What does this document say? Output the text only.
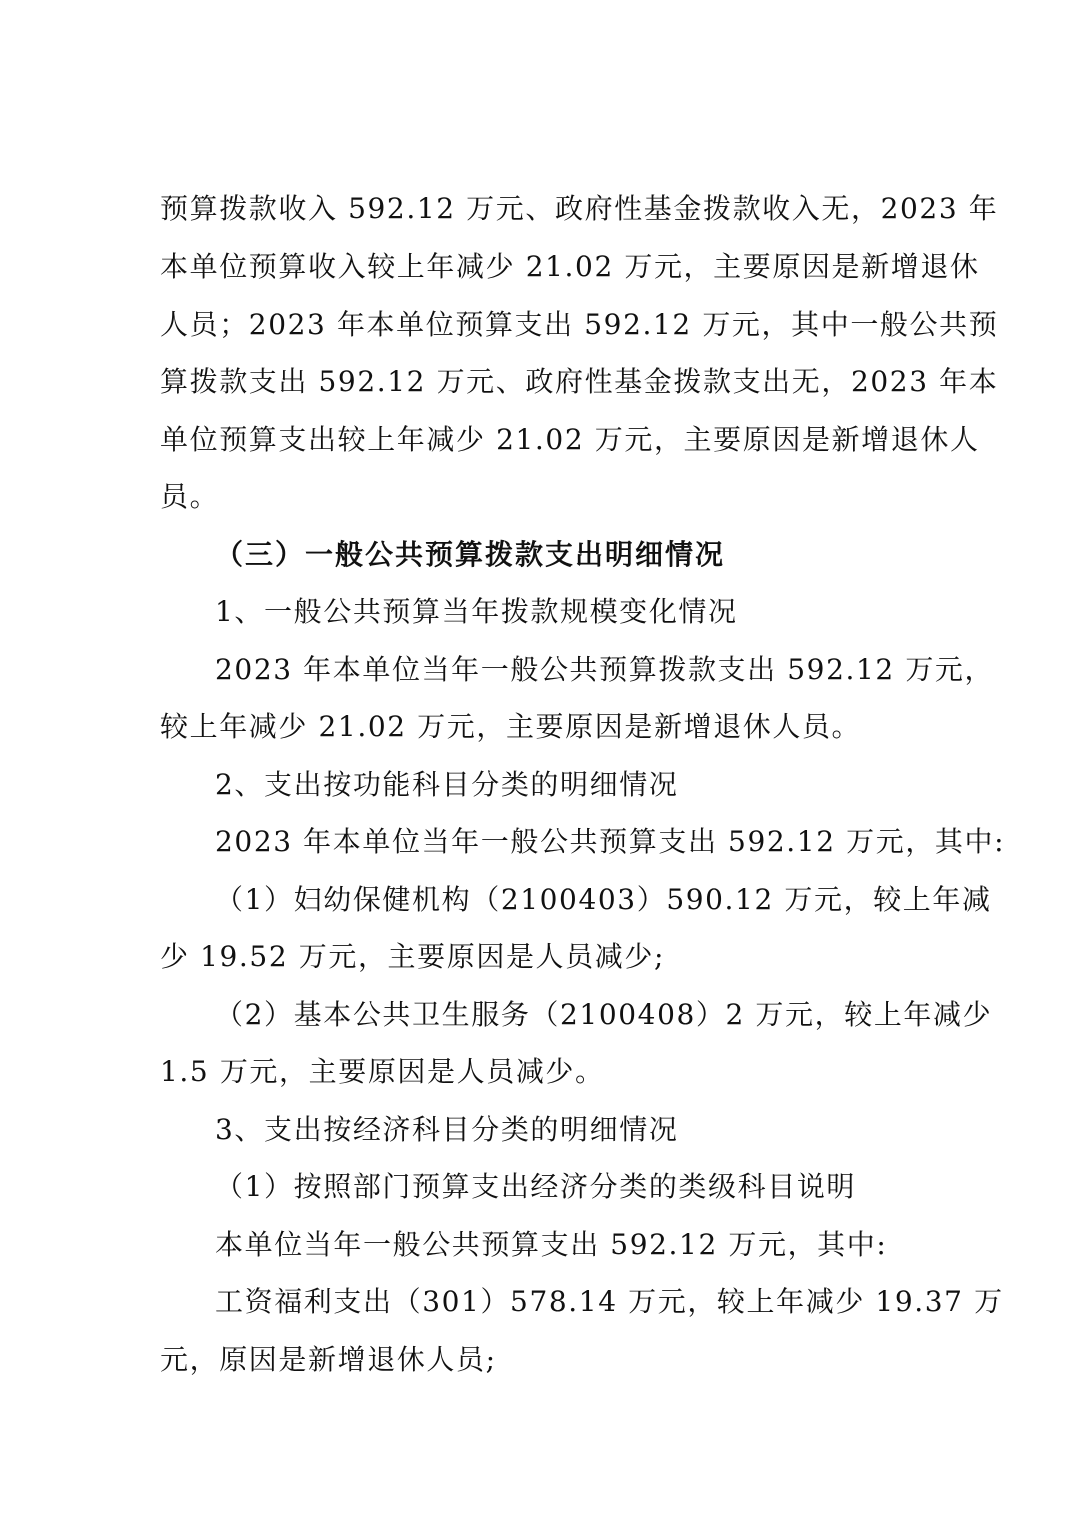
预算拨款收入 592.12 万元、政府性基金拨款收入无，2023 年
本单位预算收入较上年减少 21.02 万元，主要原因是新增退休
人员；2023 年本单位预算支出 592.12 万元，其中一般公共预
算拨款支出 592.12 万元、政府性基金拨款支出无，2023 年本
单位预算支出较上年减少 21.02 万元，主要原因是新增退休人
员。
（三）一般公共预算拨款支出明细情况
1、一般公共预算当年拨款规模变化情况
2023 年本单位当年一般公共预算拨款支出 592.12 万元，
较上年减少 21.02 万元，主要原因是新增退休人员。
2、支出按功能科目分类的明细情况
2023 年本单位当年一般公共预算支出 592.12 万元，其中:
（1）妇幼保健机构（2100403）590.12 万元，较上年减
少 19.52 万元，主要原因是人员减少;
（2）基本公共卫生服务（2100408）2 万元，较上年减少
1.5 万元，主要原因是人员减少。
3、支出按经济科目分类的明细情况
（1）按照部门预算支出经济分类的类级科目说明
本单位当年一般公共预算支出 592.12 万元，其中:
工资福利支出（301）578.14 万元，较上年减少 19.37 万
元，原因是新增退休人员;
